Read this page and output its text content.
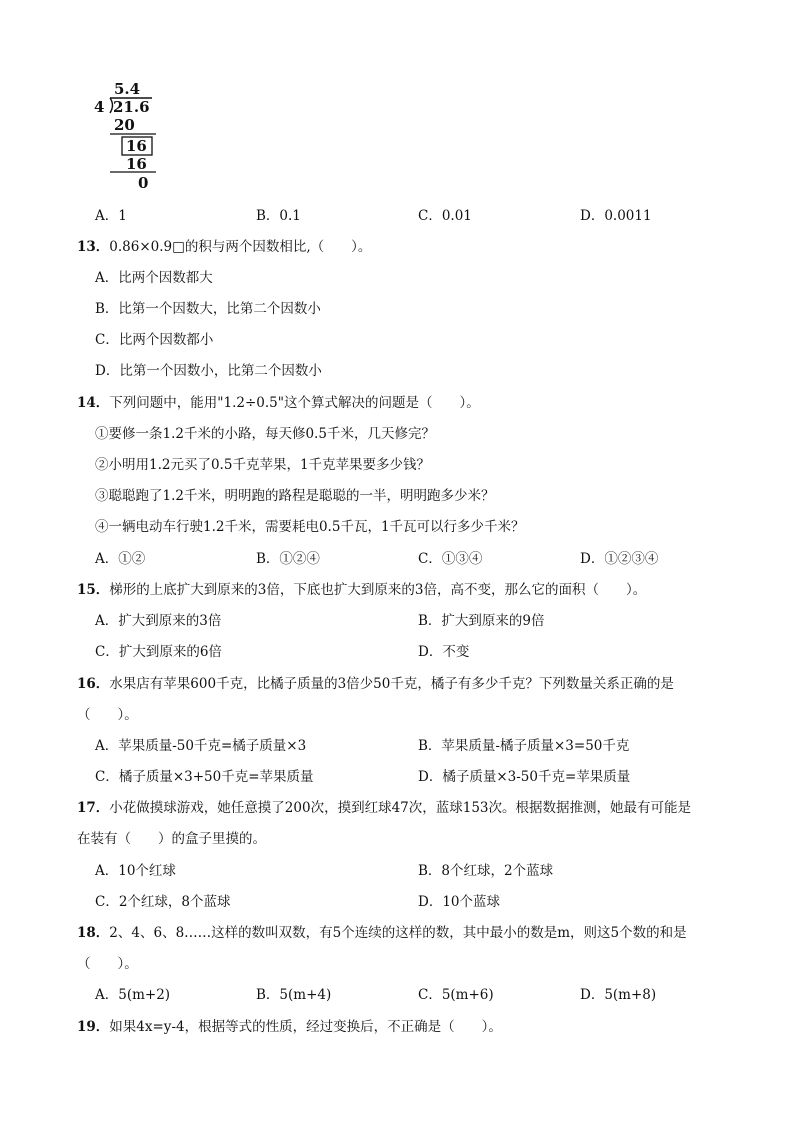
5.4
4 21.6
20
16
16
0
A．1	B．0.1	C．0.01	D．0.0011
13．0.86×0.9□的积与两个因数相比,（　　）。
A．比两个因数都大
B．比第一个因数大，比第二个因数小
C．比两个因数都小
D．比第一个因数小，比第二个因数小
14．下列问题中，能用"1.2÷0.5"这个算式解决的问题是（　　）。
①要修一条1.2千米的小路，每天修0.5千米，几天修完？
②小明用1.2元买了0.5千克苹果，1千克苹果要多少钱？
③聪聪跑了1.2千米，明明跑的路程是聪聪的一半，明明跑多少米？
④一辆电动车行驶1.2千米，需要耗电0.5千瓦，1千瓦可以行多少千米？
A．①②	B．①②④	C．①③④	D．①②③④
15．梯形的上底扩大到原来的3倍，下底也扩大到原来的3倍，高不变，那么它的面积（　　）。
A．扩大到原来的3倍	B．扩大到原来的9倍
C．扩大到原来的6倍	D．不变
16．水果店有苹果600千克，比橘子质量的3倍少50千克，橘子有多少千克？下列数量关系正确的是
（　　）。
A．苹果质量-50千克=橘子质量×3	B．苹果质量-橘子质量×3=50千克
C．橘子质量×3+50千克=苹果质量	D．橘子质量×3-50千克=苹果质量
17．小花做摸球游戏，她任意摸了200次，摸到红球47次，蓝球153次。根据数据推测，她最有可能是
在装有（　　）的盒子里摸的。
A．10个红球	B．8个红球，2个蓝球
C．2个红球，8个蓝球	D．10个蓝球
18．2、4、6、8……这样的数叫双数，有5个连续的这样的数，其中最小的数是m，则这5个数的和是
（　　）。
A．5(m+2)	B．5(m+4)	C．5(m+6)	D．5(m+8)
19．如果4x=y-4，根据等式的性质，经过变换后，不正确是（　　）。
